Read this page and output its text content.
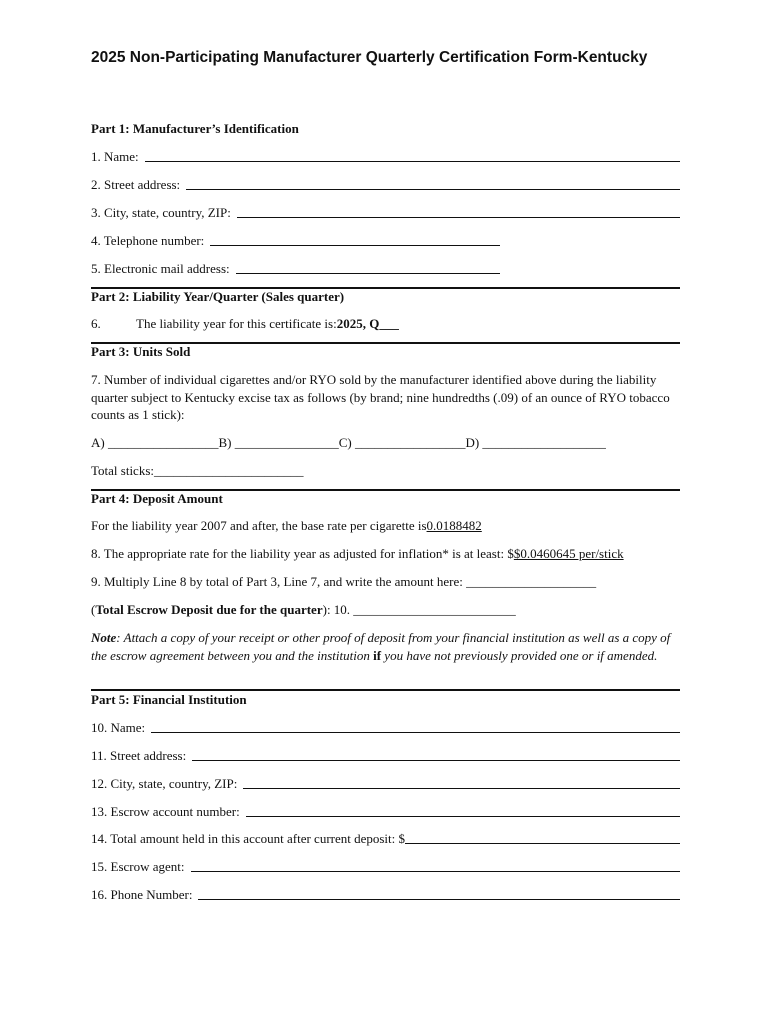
2025 Non-Participating Manufacturer Quarterly Certification Form-Kentucky
Part 1: Manufacturer’s Identification
1. Name:
2. Street address:
3. City, state, country, ZIP:
4. Telephone number:
5. Electronic mail address:
Part 2: Liability Year/Quarter (Sales quarter)
6.	The liability year for this certificate is: 2025, Q___
Part 3: Units Sold
7. Number of individual cigarettes and/or RYO sold by the manufacturer identified above during the liability quarter subject to Kentucky excise tax as follows (by brand; nine hundredths (.09) of an ounce of RYO tobacco counts as 1 stick):
A) _________________B) ________________C) _________________D) ___________________
Total sticks: _______________________
Part 4: Deposit Amount
For the liability year 2007 and after, the base rate per cigarette is 0.0188482
8. The appropriate rate for the liability year as adjusted for inflation* is at least: $ $0.0460645 per/stick
9. Multiply Line 8 by total of Part 3, Line 7, and write the amount here: ____________________
( Total Escrow Deposit due for the quarter ): 10. _________________________
Note: Attach a copy of your receipt or other proof of deposit from your financial institution as well as a copy of the escrow agreement between you and the institution if you have not previously provided one or if amended.
Part 5: Financial Institution
10. Name:
11. Street address:
12. City, state, country, ZIP:
13. Escrow account number:
14. Total amount held in this account after current deposit: $
15. Escrow agent:
16. Phone Number:
